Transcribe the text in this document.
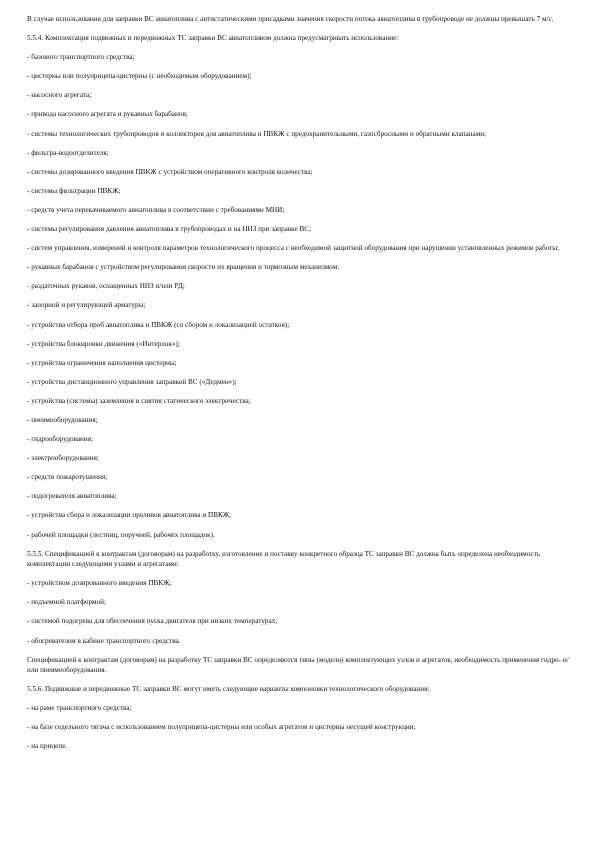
В случае использования для заправки ВС авиатоплива с антистатическими присадками значения скорости потока авиатоплива в трубопроводе не должны превышать 7 м/с.

5.5.4. Комплектация подвижных и передвижных ТС заправки ВС авиатопливом должна предусматривать использование:

- базового транспортного средства;

- цистерны или полуприцепа-цистерны (с необходимым оборудованием);

- насосного агрегата;

- привода насосного агрегата и рукавных барабанов;

- системы технологических трубопроводов и коллекторов для авиатоплива и ПВКЖ с предохранительными, газосбросными и обратными клапанами;

- фильтра-водоотделителя;

- системы дозированного введения ПВКЖ с устройством оперативного контроля количества;

- системы фильтрации ПВКЖ;

- средств учета перекачиваемого авиатоплива в соответствии с требованиями МНИ;

- системы регулирования давления авиатоплива в трубопроводах и на ННЗ при заправке ВС;

- систем управления, измерений и контроля параметров технологического процесса с необходимой защитной оборудования при нарушении установленных режимов работы;

- рукавных барабанов с устройством регулирования скорости их вращения и тормозным механизмом;

- раздаточных рукавов, оснащенных ННЗ и/или РД;

- запорной и регулирующей арматуры;

- устройства отбора проб авиатоплива и ПВКЖ (со сбором и локализацией остатков);

- устройства блокировки движения («Интерлок»);

- устройства ограничения наполнения цистерны;

- устройства дистанционного управления заправкой ВС («Дедмен»);

- устройства (системы) заземления и снятия статического электричества;

- пневмооборудования;

- гидрооборудования;

- электрооборудования;

- средств пожаротушения;

- подогревателя авиатоплива;

- устройства сбора и локализации проливов авиатоплива и ПВКЖ;

- рабочей площадки (лестниц, поручней, рабочих площадок).

5.5.5. Спецификацией к контрактам (договорам) на разработку, изготовление и поставку конкретного образца ТС заправки ВС должна быть определена необходимость комплектации следующими узлами и агрегатами:

- устройством дозированного введения ПВКЖ;

- подъемной платформой;

- системой подогрева для обеспечения пуска двигателя при низких температурах;

- обогревателем в кабине транспортного средства.

Спецификацией к контрактам (договорам) на разработку ТС заправки ВС определяются типы (модели) комплектующих узлов и агрегатов, необходимость применения гидро- и/или пневмооборудования.

5.5.6. Подвижные и передвижные ТС заправки ВС могут иметь следующие варианты компоновки технологического оборудования:

- на раме транспортного средства;

- на базе седельного тягача с использованием полуприцепа-цистерны или особых агрегатов и цистерны несущей конструкции;

- на прицепе.
